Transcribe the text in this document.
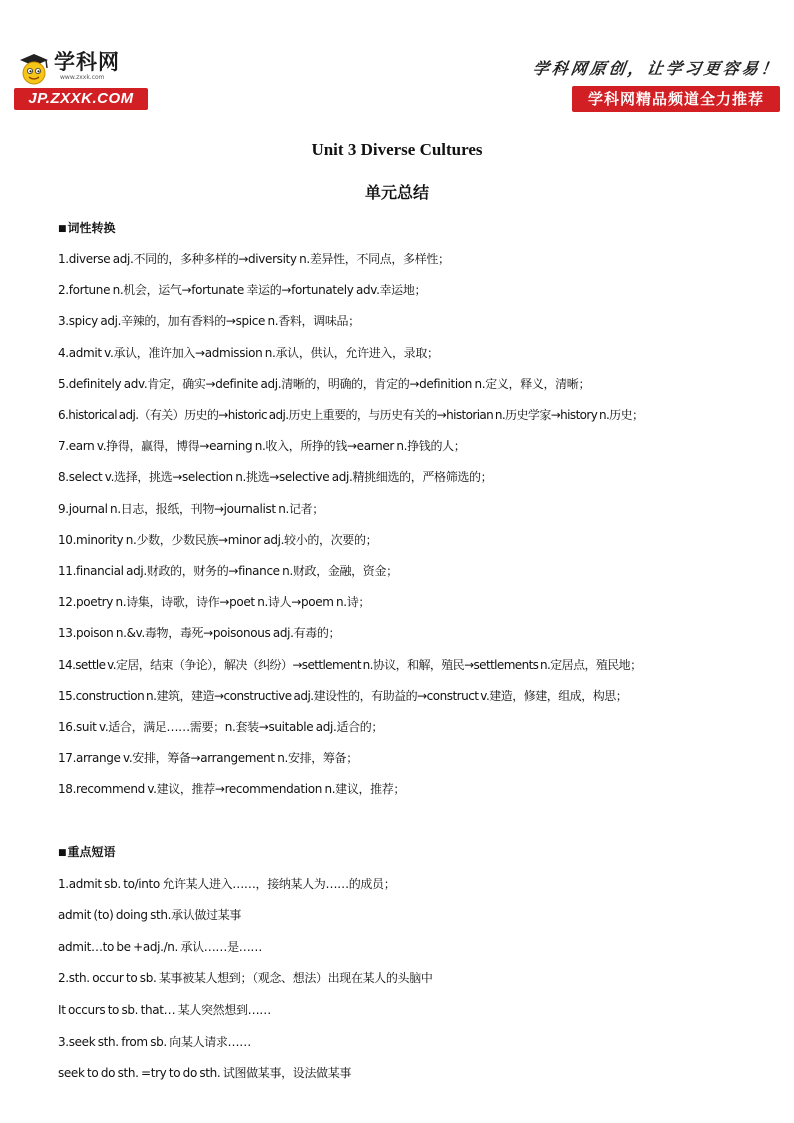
学科网
www.zxxk.com
JP.ZXXK.COM
学科网原创，让学习更容易！
学科网精品频道全力推荐
Unit 3 Diverse Cultures
单元总结
■词性转换
1.diverse adj.不同的，多种多样的→diversity n.差异性，不同点，多样性；
2.fortune n.机会，运气→fortunate 幸运的→fortunately adv.幸运地；
3.spicy adj.辛辣的，加有香料的→spice n.香料，调味品；
4.admit v.承认，准许加入→admission n.承认，供认，允许进入，录取；
5.definitely adv.肯定，确实→definite adj.清晰的，明确的，肯定的→definition n.定义，释义，清晰；
6.historical adj.（有关）历史的→historic adj.历史上重要的，与历史有关的→historian n.历史学家→history n.历史；
7.earn v.挣得，赢得，博得→earning n.收入，所挣的钱→earner n.挣钱的人；
8.select v.选择，挑选→selection n.挑选→selective adj.精挑细选的，严格筛选的；
9.journal n.日志，报纸，刊物→journalist n.记者；
10.minority n.少数，少数民族→minor adj.较小的，次要的；
11.financial adj.财政的，财务的→finance n.财政，金融，资金；
12.poetry n.诗集，诗歌，诗作→poet n.诗人→poem n.诗；
13.poison n.&v.毒物，毒死→poisonous adj.有毒的；
14.settle v.定居，结束（争论），解决（纠纷）→settlement n.协议，和解，殖民→settlements n.定居点，殖民地；
15.construction n.建筑，建造→constructive adj.建设性的，有助益的→construct v.建造，修建，组成，构思；
16.suit v.适合，满足……需要；n.套装→suitable adj.适合的；
17.arrange v.安排，筹备→arrangement n.安排，筹备；
18.recommend v.建议，推荐→recommendation n.建议，推荐；
■重点短语
1.admit sb. to/into 允许某人进入……，接纳某人为……的成员；
admit (to) doing sth.承认做过某事
admit…to be +adj./n. 承认……是……
2.sth. occur to sb. 某事被某人想到；（观念、想法）出现在某人的头脑中
It occurs to sb. that… 某人突然想到……
3.seek sth. from sb. 向某人请求……
seek to do sth. =try to do sth. 试图做某事，设法做某事
